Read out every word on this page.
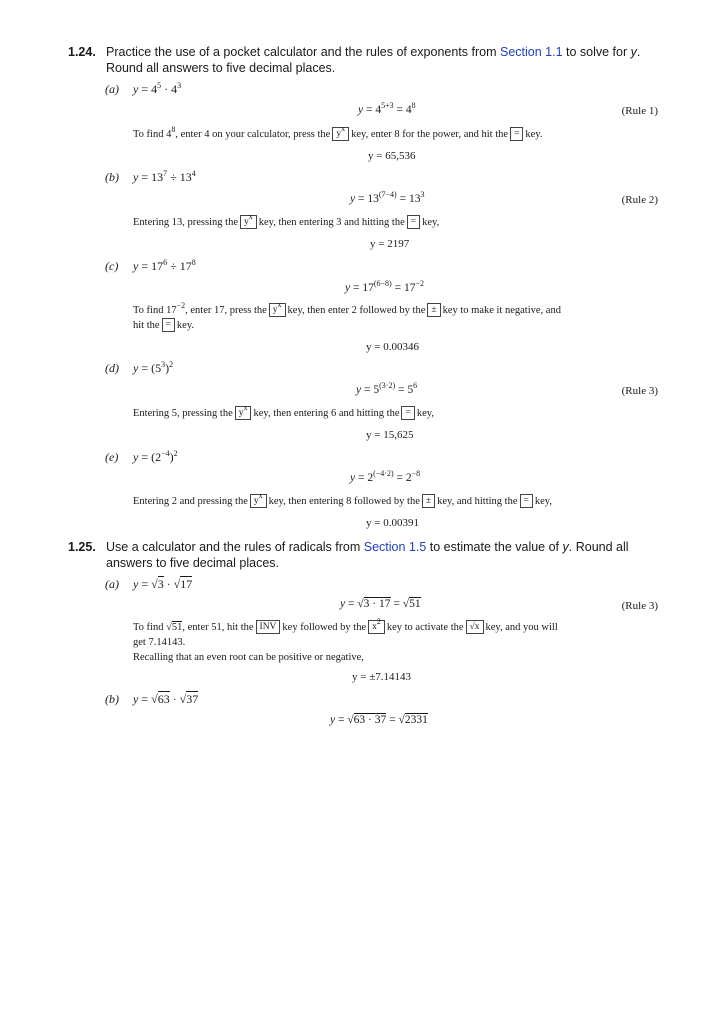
1.24. Practice the use of a pocket calculator and the rules of exponents from Section 1.1 to solve for y. Round all answers to five decimal places.
(a) $y = 4^5 \cdot 4^3$
$y = 4^{5+3} = 4^8$	(Rule 1)
To find $4^8$, enter 4 on your calculator, press the $y^xkey$, enter 8 for the power, and hit the = key.
y = 65,536
(b) $y = 13^7 \div 13^4$
$y = 13^{(7-4)} = 13^3$	(Rule 2)
Entering 13, pressing the $y^xkey$, then entering 3 and hitting the = key,
y = 2197
(c) $y = 17^6 \div 17^8$
$y = 17^{(6-8)} = 17^{-2}$
To find $17^{-2}$, enter 17, press the $y^xkey$, then enter 2 followed by the ± key to make it negative, and
hit the = key.
y = 0.00346
(d) $y = (5^3)^2$
$y = 5^{(3\cdot 2)} = 5^6$	(Rule 3)
Entering 5, pressing the $y^xkey$, then entering 6 and hitting the = key,
y = 15,625
(e) $y = (2^{-4})^2$
$y = 2^{(-4\cdot 2)} = 2^{-8}$
Entering 2 and pressing the $y^xkey$, then entering 8 followed by the ± key, and hitting the = key,
y = 0.00391
1.25. Use a calculator and the rules of radicals from Section 1.5 to estimate the value of y. Round all answers to five decimal places.
(a) y = √3 · √17
y = √3 · 17 = √51	(Rule 3)
To find √51, enter 51, hit the INV key followed by the $x^2key$ to activate the √x key, and you will
get 7.14143.
Recalling that an even root can be positive or negative,
y = ±7.14143
(b) y = √63 · √37
y = √63 · 37 = √2331
